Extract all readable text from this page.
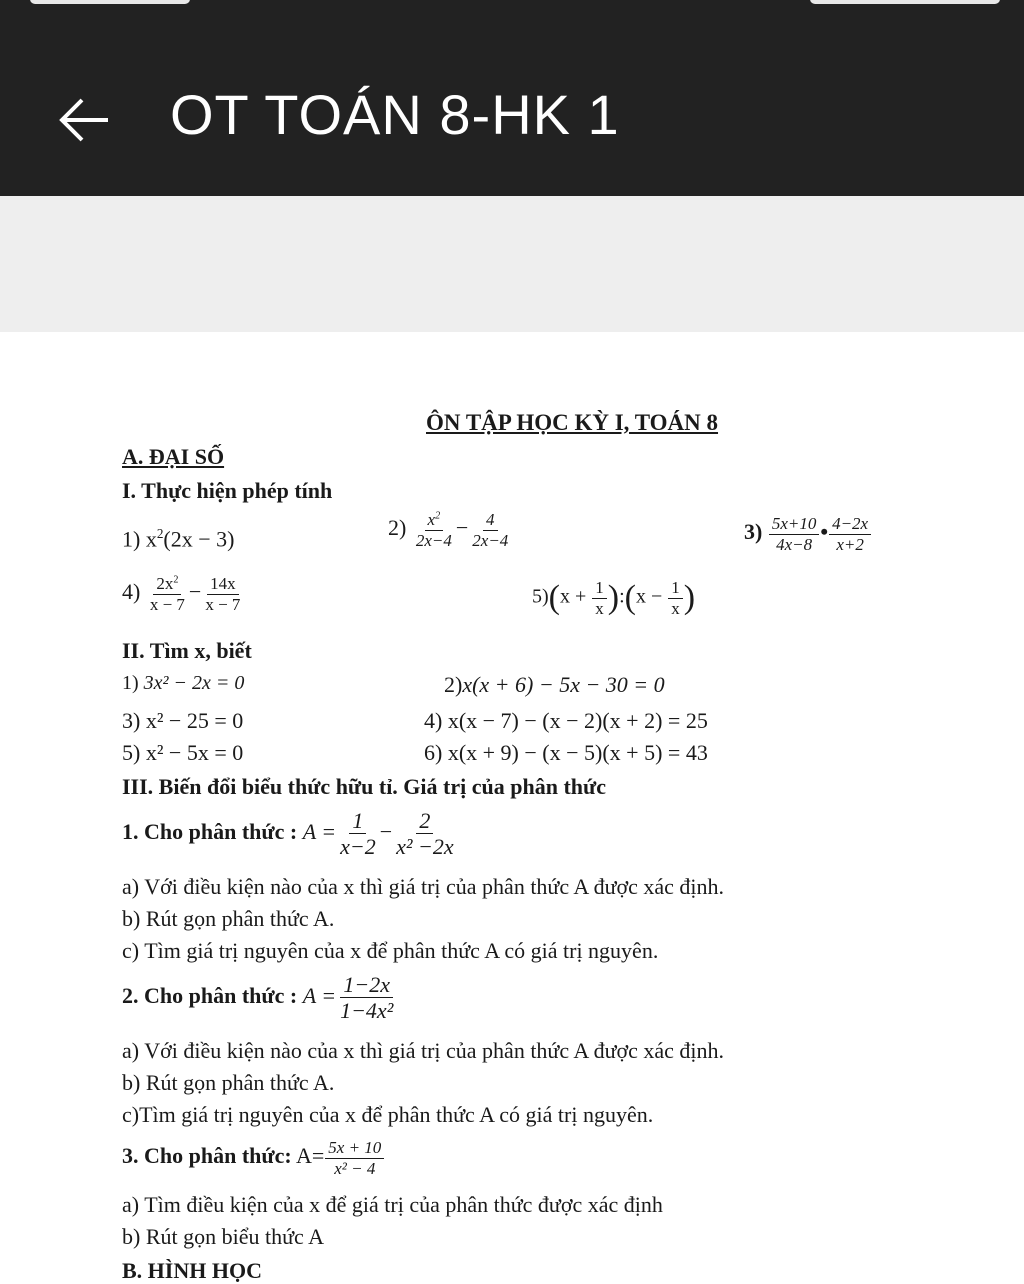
OT TOÁN 8-HK 1
ÔN TẬP HỌC KỲ I, TOÁN 8
A. ĐẠI SỐ
I. Thực hiện phép tính
1) $x^2(2x - 3)$	$2) \frac{x^2}{2x-4} - \frac{4}{2x-4}$	$3) \frac{5x+10}{4x-8}$ • $\frac{4-2x}{x+2}$
$4) \frac{2x^2}{x - 7} - \frac{14x}{x - 7}$	$5)(x + \frac{1}{x}$ ):(x − $\frac{1}{x}$ )
II. Tìm x, biết
1) 3x² − 2x = 0	2)x(x + 6) − 5x − 30 = 0
3) x² − 25 = 0	4) x(x − 7) − (x − 2)(x + 2) = 25
5) x² − 5x = 0	6) x(x + 9) − (x − 5)(x + 5) = 43
III. Biến đổi biểu thức hữu tỉ. Giá trị của phân thức
1. Cho phân thức : $A = \frac{1}{x-2} - \frac{2}{\text{x² −2x}}$
a) Với điều kiện nào của x thì giá trị của phân thức A được xác định.
b) Rút gọn phân thức A.
c) Tìm giá trị nguyên của x để phân thức A có giá trị nguyên.
2. Cho phân thức : $A = \frac{1-2x}{\text{1−4x²}}$
a) Với điều kiện nào của x thì giá trị của phân thức A được xác định.
b) Rút gọn phân thức A.
c)Tìm giá trị nguyên của x để phân thức A có giá trị nguyên.
3. Cho phân thức: $A= \frac{5x + 10}{\text{x² − 4}}$
a) Tìm điều kiện của x để giá trị của phân thức được xác định
b) Rút gọn biểu thức A
B. HÌNH HỌC
